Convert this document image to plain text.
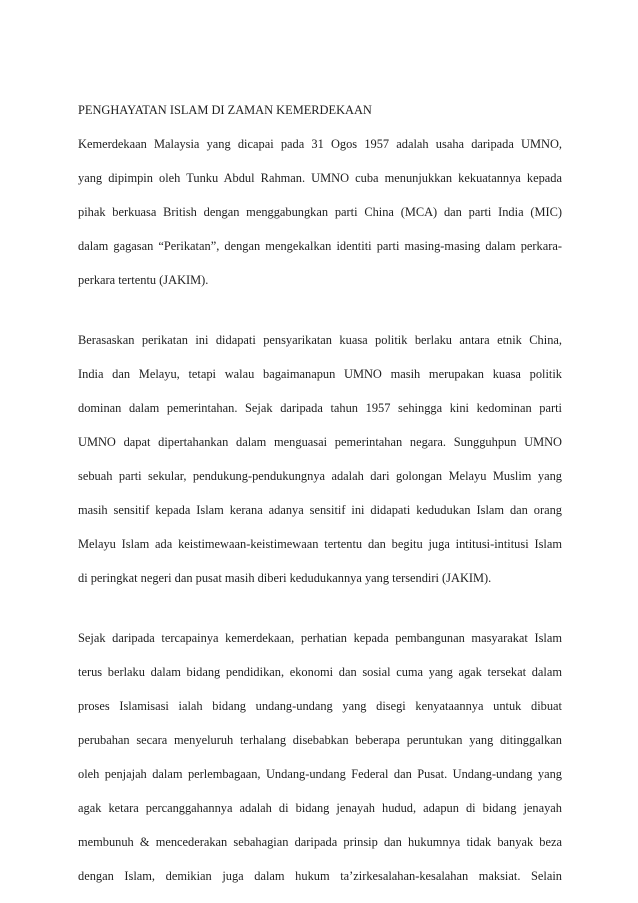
PENGHAYATAN ISLAM DI ZAMAN KEMERDEKAAN
Kemerdekaan Malaysia yang dicapai pada 31 Ogos 1957 adalah usaha daripada UMNO,
yang dipimpin oleh Tunku Abdul Rahman. UMNO cuba menunjukkan kekuatannya kepada
pihak berkuasa British dengan menggabungkan parti China (MCA) dan parti India (MIC)
dalam gagasan “Perikatan”, dengan mengekalkan identiti parti masing-masing dalam perkara-
perkara tertentu (JAKIM).
Berasaskan perikatan ini didapati pensyarikatan kuasa politik berlaku antara etnik China,
India dan Melayu, tetapi walau bagaimanapun UMNO masih merupakan kuasa politik
dominan dalam pemerintahan. Sejak daripada tahun 1957 sehingga kini kedominan parti
UMNO dapat dipertahankan dalam menguasai pemerintahan negara. Sungguhpun UMNO
sebuah parti sekular, pendukung-pendukungnya adalah dari golongan Melayu Muslim yang
masih sensitif kepada Islam kerana adanya sensitif ini didapati kedudukan Islam dan orang
Melayu Islam ada keistimewaan-keistimewaan tertentu dan begitu juga intitusi-intitusi Islam
di peringkat negeri dan pusat masih diberi kedudukannya yang tersendiri (JAKIM).
Sejak daripada tercapainya kemerdekaan, perhatian kepada pembangunan masyarakat Islam
terus berlaku dalam bidang pendidikan, ekonomi dan sosial cuma yang agak tersekat dalam
proses Islamisasi ialah bidang undang-undang yang disegi kenyataannya untuk dibuat
perubahan secara menyeluruh terhalang disebabkan beberapa peruntukan yang ditinggalkan
oleh penjajah dalam perlembagaan, Undang-undang Federal dan Pusat. Undang-undang yang
agak ketara percanggahannya adalah di bidang jenayah hudud, adapun di bidang jenayah
membunuh & mencederakan sebahagian daripada prinsip dan hukumnya tidak banyak beza
dengan Islam, demikian juga dalam hukum ta’zirkesalahan-kesalahan maksiat. Selain
